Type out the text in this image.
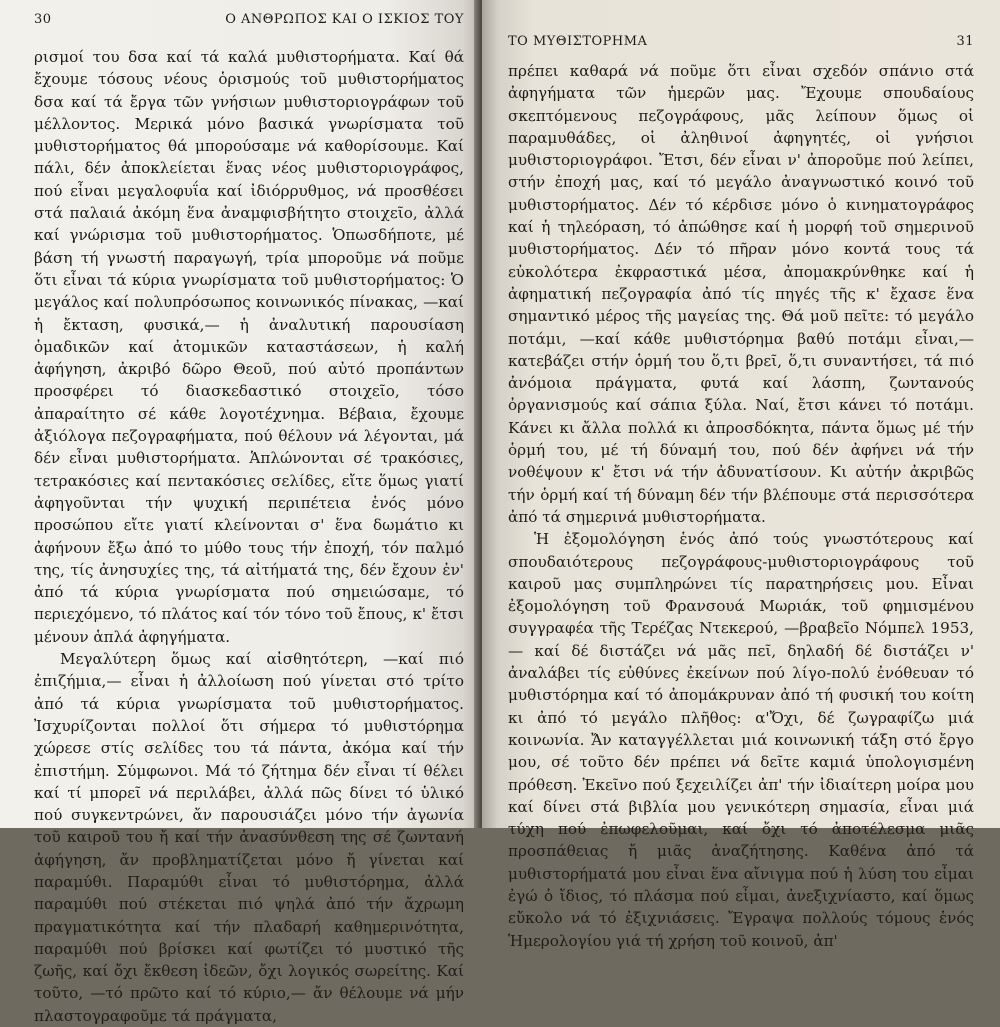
30	Ο ΑΝΘΡΩΠΟΣ ΚΑΙ Ο ΙΣΚΙΟΣ ΤΟΥ

ρισμοί του δσα καί τά καλά μυθιστορήματα. Καί θά ἔχουμε τόσους νέους ὁρισμούς τοῦ μυθιστορήματος δσα καί τά ἔργα τῶν γνήσιων μυθιστοριογράφων τοῦ μέλλοντος. Μερικά μόνο βασικά γνωρίσματα τοῦ μυθιστορήματος θά μπορούσαμε νά καθορίσουμε. Καί πάλι, δέν ἀποκλείεται ἕνας νέος μυθιστοριογράφος, πού εἶναι μεγαλοφυΐα καί ἰδιόρρυθμος, νά προσθέσει στά παλαιά ἀκόμη ἕνα ἀναμφισβήτητο στοιχεῖο, ἀλλά καί γνώρισμα τοῦ μυθιστορήματος. Ὁπωσδήποτε, μέ βάση τή γνωστή παραγωγή, τρία μποροῦμε νά ποῦμε ὅτι εἶναι τά κύρια γνωρίσματα τοῦ μυθιστορήματος: Ὁ μεγάλος καί πολυπρόσωπος κοινωνικός πίνακας, —καί ἡ ἔκταση, φυσικά,— ἡ ἀναλυτική παρουσίαση ὁμαδικῶν καί ἀτομικῶν καταστάσεων, ἡ καλή ἀφήγηση, ἀκριβό δῶρο Θεοῦ, πού αὐτό προπάντων προσφέρει τό διασκεδαστικό στοιχεῖο, τόσο ἀπαραίτητο σέ κάθε λογοτέχνημα. Βέβαια, ἔχουμε ἀξιόλογα πεζογραφήματα, πού θέλουν νά λέγονται, μά δέν εἶναι μυθιστορήματα. Ἁπλώνονται σέ τρακόσιες, τετρακόσιες καί πεντακόσιες σελίδες, εἴτε ὅμως γιατί ἀφηγοῦνται τήν ψυχική περιπέτεια ἑνός μόνο προσώπου εἴτε γιατί κλείνονται σ' ἕνα δωμάτιο κι ἀφήνουν ἔξω ἀπό το μύθο τους τήν ἐποχή, τόν παλμό της, τίς ἀνησυχίες της, τά αἰτήματά της, δέν ἔχουν ἐν' ἀπό τά κύρια γνωρίσματα πού σημειώσαμε, τό περιεχόμενο, τό πλάτος καί τόν τόνο τοῦ ἔπους, κ' ἔτσι μένουν ἁπλά ἀφηγήματα.

Μεγαλύτερη ὅμως καί αἰσθητότερη, —καί πιό ἐπιζήμια,— εἶναι ἡ ἀλλοίωση πού γίνεται στό τρίτο ἀπό τά κύρια γνωρίσματα τοῦ μυθιστορήματος. Ἰσχυρίζονται πολλοί ὅτι σήμερα τό μυθιστόρημα χώρεσε στίς σελίδες του τά πάντα, ἀκόμα καί τήν ἐπιστήμη. Σύμφωνοι. Μά τό ζήτημα δέν εἶναι τί θέλει καί τί μπορεῖ νά περιλάβει, ἀλλά πῶς δίνει τό ὑλικό πού συγκεντρώνει, ἄν παρουσιάζει μόνο τήν ἀγωνία τοῦ καιροῦ του ἤ καί τήν ἀνασύνθεση της σέ ζωντανή ἀφήγηση, ἄν προβληματίζεται μόνο ἤ γίνεται καί παραμύθι. Παραμύθι εἶναι τό μυθιστόρημα, ἀλλά παραμύθι πού στέκεται πιό ψηλά ἀπό τήν ἄχρωμη πραγματικότητα καί τήν πλαδαρή καθημερινότητα, παραμύθι πού βρίσκει καί φωτίζει τό μυστικό τῆς ζωῆς, καί ὄχι ἔκθεση ἰδεῶν, ὄχι λογικός σωρείτης. Καί τοῦτο, —τό πρῶτο καί τό κύριο,— ἄν θέλουμε νά μήν πλαστογραφοῦμε τά πράγματα,

ΤΟ ΜΥΘΙΣΤΟΡΗΜΑ	31

πρέπει καθαρά νά ποῦμε ὅτι εἶναι σχεδόν σπάνιο στά ἀφηγήματα τῶν ἡμερῶν μας. Ἔχουμε σπουδαίους σκεπτόμενους πεζογράφους, μᾶς λείπουν ὅμως οἱ παραμυθάδες, οἱ ἀληθινοί ἀφηγητές, οἱ γνήσιοι μυθιστοριογράφοι. Ἔτσι, δέν εἶναι ν' ἀποροῦμε πού λείπει, στήν ἐποχή μας, καί τό μεγάλο ἀναγνωστικό κοινό τοῦ μυθιστορήματος. Δέν τό κέρδισε μόνο ὁ κινηματογράφος καί ἡ τηλεόραση, τό ἀπώθησε καί ἡ μορφή τοῦ σημερινοῦ μυθιστορήματος. Δέν τό πῆραν μόνο κοντά τους τά εὐκολότερα ἐκφραστικά μέσα, ἀπομακρύνθηκε καί ἡ ἀφηματική πεζογραφία ἀπό τίς πηγές τῆς κ' ἔχασε ἕνα σημαντικό μέρος τῆς μαγείας της. Θά μοῦ πεῖτε: τό μεγάλο ποτάμι, —καί κάθε μυθιστόρημα βαθύ ποτάμι εἶναι,— κατεβάζει στήν ὁρμή του ὅ,τι βρεῖ, ὅ,τι συναντήσει, τά πιό ἀνόμοια πράγματα, φυτά καί λάσπη, ζωντανούς ὀργανισμούς καί σάπια ξύλα. Ναί, ἔτσι κάνει τό ποτάμι. Κάνει κι ἄλλα πολλά κι ἀπροσδόκητα, πάντα ὅμως μέ τήν ὁρμή του, μέ τή δύναμή του, πού δέν ἀφήνει νά τήν νοθέψουν κ' ἔτσι νά τήν ἀδυνατίσουν. Κι αὐτήν ἀκριβῶς τήν ὁρμή καί τή δύναμη δέν τήν βλέπουμε στά περισσότερα ἀπό τά σημερινά μυθιστορήματα.

Ἡ ἐξομολόγηση ἑνός ἀπό τούς γνωστότερους καί σπουδαιότερους πεζογράφους-μυθιστοριογράφους τοῦ καιροῦ μας συμπληρώνει τίς παρατηρήσεις μου. Εἶναι ἐξομολόγηση τοῦ Φρανσουά Μωριάκ, τοῦ φημισμένου συγγραφέα τῆς Τερέζας Ντεκερού, —βραβεῖο Νόμπελ 1953, — καί δέ διστάζει νά μᾶς πεῖ, δηλαδή δέ διστάζει ν' ἀναλάβει τίς εὐθύνες ἐκείνων πού λίγο-πολύ ἐνόθευαν τό μυθιστόρημα καί τό ἀπομάκρυναν ἀπό τή φυσική του κοίτη κι ἀπό τό μεγάλο πλῆθος: α'Ὄχι, δέ ζωγραφίζω μιά κοινωνία. Ἄν καταγγέλλεται μιά κοινωνική τάξη στό ἔργο μου, σέ τοῦτο δέν πρέπει νά δεῖτε καμιά ὑπολογισμένη πρόθεση. Ἐκεῖνο πού ξεχειλίζει ἀπ' τήν ἰδιαίτερη μοίρα μου καί δίνει στά βιβλία μου γενικότερη σημασία, εἶναι μιά τύχη πού ἐπωφελοῦμαι, καί ὄχι τό ἀποτέλεσμα μιᾶς προσπάθειας ἤ μιᾶς ἀναζήτησης. Καθένα ἀπό τά μυθιστορήματά μου εἶναι ἕνα αἴνιγμα πού ἡ λύση του εἶμαι ἐγώ ὁ ἴδιος, τό πλάσμα πού εἶμαι, ἀνεξιχνίαστο, καί ὅμως εὔκολο νά τό ἐξιχνιάσεις. Ἔγραψα πολλούς τόμους ἑνός Ἡμερολογίου γιά τή χρήση τοῦ κοινοῦ, ἀπ'
